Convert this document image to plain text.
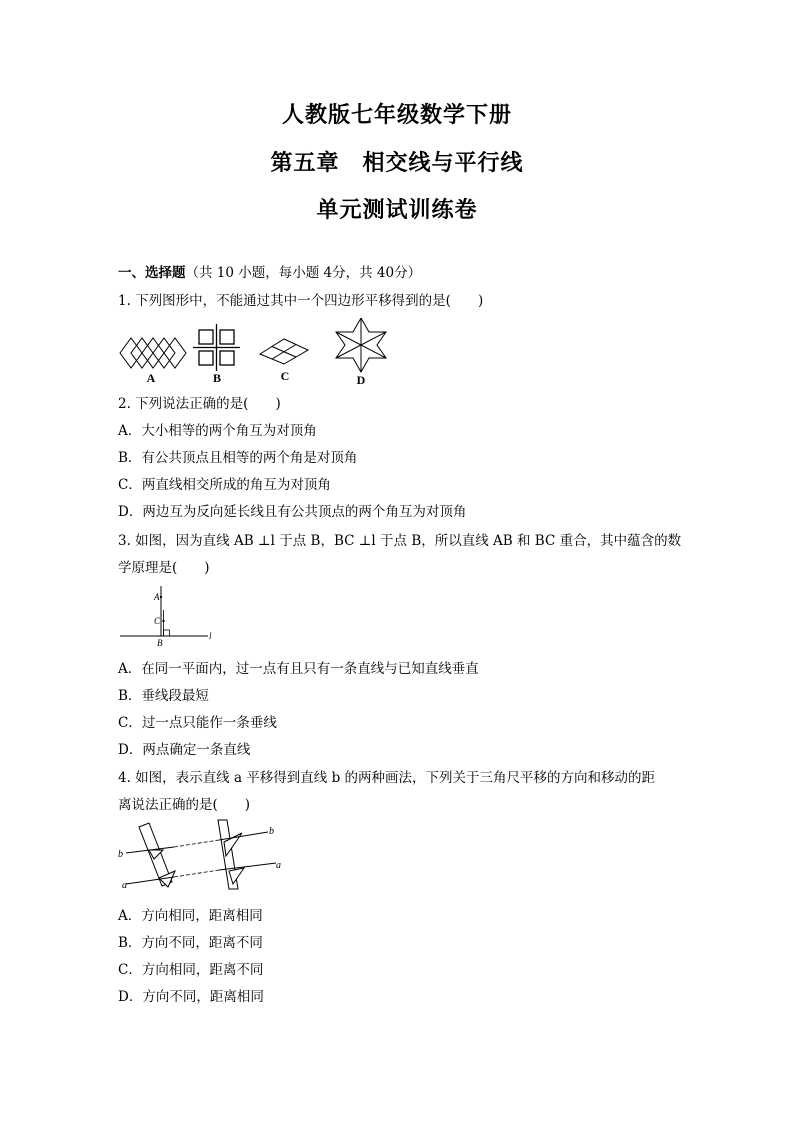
人教版七年级数学下册
第五章　相交线与平行线
单元测试训练卷
一、选择题（共 10 小题，每小题 4分，共 40分）
1. 下列图形中，不能通过其中一个四边形平移得到的是(　　)
A	B	C	D
2. 下列说法正确的是(　　)
A．大小相等的两个角互为对顶角
B．有公共顶点且相等的两个角是对顶角
C．两直线相交所成的角互为对顶角
D．两边互为反向延长线且有公共顶点的两个角互为对顶角
3. 如图，因为直线 AB ⊥l 于点 B，BC ⊥l 于点 B，所以直线 AB 和 BC 重合，其中蕴含的数
学原理是(　　)
A
C
B
l
A．在同一平面内，过一点有且只有一条直线与已知直线垂直
B．垂线段最短
C．过一点只能作一条垂线
D．两点确定一条直线
4. 如图，表示直线 a 平移得到直线 b 的两种画法，下列关于三角尺平移的方向和移动的距
离说法正确的是(　　)
b
a
b
a
A．方向相同，距离相同
B．方向不同，距离不同
C．方向相同，距离不同
D．方向不同，距离相同
